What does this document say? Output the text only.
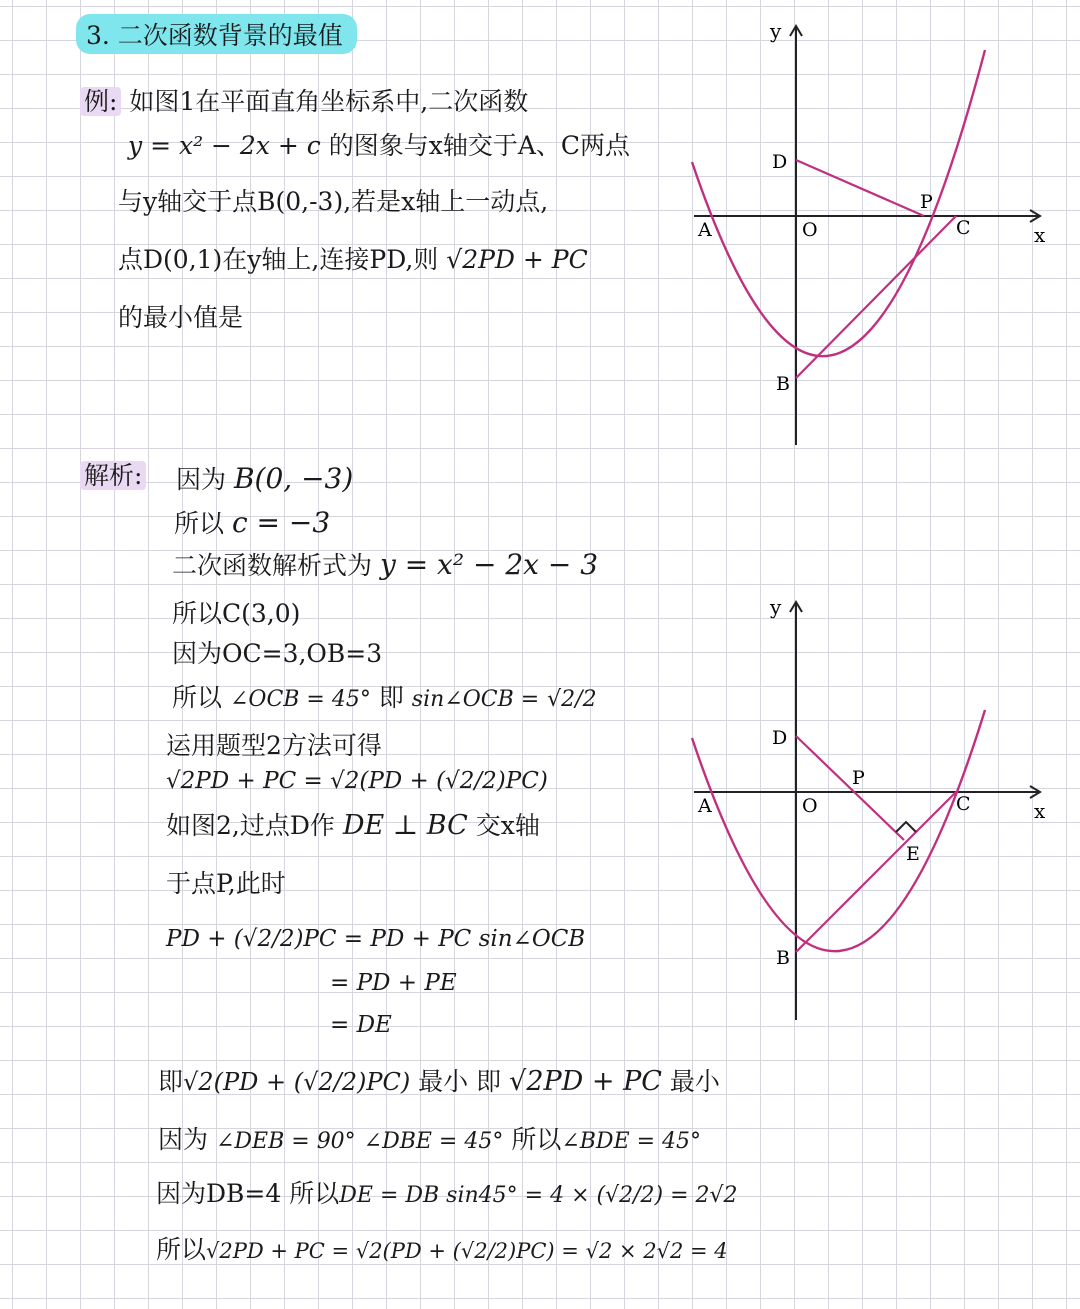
3. 二次函数背景的最值
例: 如图1在平面直角坐标系中,二次函数
y = x² − 2x + c 的图象与x轴交于A、C两点
与y轴交于点B(0,-3),若是x轴上一动点,
点D(0,1)在y轴上,连接PD,则 √2PD + PC
的最小值是
解析: 因为 B(0, −3)
所以 c = −3
二次函数解析式为 y = x² − 2x − 3
所以C(3,0)
因为OC=3,OB=3
所以 ∠OCB = 45° 即 sin∠OCB = √2/2
运用题型2方法可得
√2PD + PC = √2(PD + (√2/2)PC)
如图2,过点D作 DE ⊥ BC 交x轴
于点P,此时
PD + (√2/2)PC = PD + PC sin∠OCB
= PD + PE
= DE
即√2(PD + (√2/2)PC) 最小 即 √2PD + PC 最小
因为 ∠DEB = 90° ∠DBE = 45° 所以∠BDE = 45°
因为DB=4 所以DE = DB sin45° = 4 × (√2/2) = 2√2
所以√2PD + PC = √2(PD + (√2/2)PC) = √2 × 2√2 = 4
y
x
O
A	C
D
P
B
y
x
O
A	C
D
P
E
B
